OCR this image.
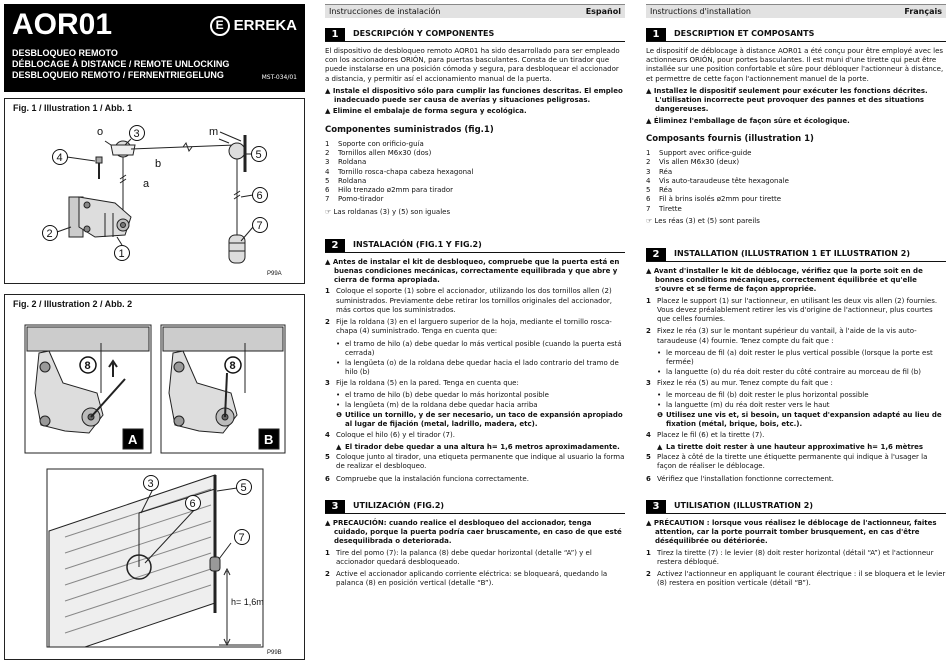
AOR01	E ERREKA
DESBLOQUEO REMOTO
DÉBLOCAGE À DISTANCE / REMOTE UNLOCKING
DESBLOQUEIO REMOTO / FERNENTRIEGELUNG	MST-034/01
Fig. 1 / Illustration 1 / Abb. 1
o	3	m
5
4	b
a
6
2
1
7
P99A
Fig. 2 / Illustration 2 / Abb. 2
8	8
A	B
3	5
6
7
h= 1,6m
P99B
Instrucciones de instalación	Español
1	DESCRIPCIÓN Y COMPONENTES

El dispositivo de desbloqueo remoto AOR01 ha sido desarrollado para ser empleado con los accionadores ORIÓN, para puertas basculantes. Consta de un tirador que puede instalarse en una posición cómoda y segura, para desbloquear el accionador a distancia, y permitir así el accionamiento manual de la puerta.

▲ Instale el dispositivo sólo para cumplir las funciones descritas. El empleo inadecuado puede ser causa de averías y situaciones peligrosas.
▲ Elimine el embalaje de forma segura y ecológica.
Componentes suministrados (fig.1)
1	Soporte con orificio-guía
2	Tornillos allen M6x30 (dos)
3	Roldana
4	Tornillo rosca-chapa cabeza hexagonal
5	Roldana
6	Hilo trenzado ø2mm para tirador
7	Pomo-tirador

☞ Las roldanas (3) y (5) son iguales

2	INSTALACIÓN (FIG.1 Y FIG.2)
▲ Antes de instalar el kit de desbloqueo, compruebe que la puerta está en buenas condiciones mecánicas, correctamente equilibrada y que abre y cierra de forma apropiada.
1 Coloque el soporte (1) sobre el accionador, utilizando los dos tornillos allen (2) suministrados. Previamente debe retirar los tornillos originales del accionador, más cortos que los suministrados.
2 Fije la roldana (3) en el larguero superior de la hoja, mediante el tornillo rosca-chapa (4) suministrado. Tenga en cuenta que:
• el tramo de hilo (a) debe quedar lo más vertical posible (cuando la puerta está cerrada)
• la lengüeta (o) de la roldana debe quedar hacia el lado contrario del tramo de hilo (b)
3 Fije la roldana (5) en la pared. Tenga en cuenta que:
• el tramo de hilo (b) debe quedar lo más horizontal posible
• la lengüeta (m) de la roldana debe quedar hacia arriba
❶ Utilice un tornillo, y de ser necesario, un taco de expansión apropiado al lugar de fijación (metal, ladrillo, madera, etc).
4 Coloque el hilo (6) y el tirador (7).
▲ El tirador debe quedar a una altura h= 1,6 metros aproximadamente.
5 Coloque junto al tirador, una etiqueta permanente que indique al usuario la forma de realizar el desbloqueo.
6 Compruebe que la instalación funciona correctamente.
3	UTILIZACIÓN (FIG.2)
▲ PRECAUCIÓN: cuando realice el desbloqueo del accionador, tenga cuidado, porque la puerta podría caer bruscamente, en caso de que esté desequilibrada o deteriorada.
1 Tire del pomo (7): la palanca (8) debe quedar horizontal (detalle “A”) y el accionador quedará desbloqueado.
2 Active el accionador aplicando corriente eléctrica: se bloqueará, quedando la palanca (8) en posición vertical (detalle “B”).
Instructions d'installation	Français
1	DESCRIPTION ET COMPOSANTS

Le dispositif de déblocage à distance AOR01 a été conçu pour être employé avec les actionneurs ORIÓN, pour portes basculantes. Il est muni d'une tirette qui peut être installée sur une position confortable et sûre pour débloquer l'actionneur à distance, et permettre de cette façon l'actionnement manuel de la porte.

▲ Installez le dispositif seulement pour exécuter les fonctions décrites. L'utilisation incorrecte peut provoquer des pannes et des situations dangereuses.
▲ Éliminez l'emballage de façon sûre et écologique.
Composants fournis (illustration 1)
1	Support avec orifice-guide
2	Vis allen M6x30 (deux)
3	Réa
4	Vis auto-taraudeuse tête hexagonale
5	Réa
6	Fil à brins isolés ø2mm pour tirette
7	Tirette

☞ Les réas (3) et (5) sont pareils

2	INSTALLATION (ILLUSTRATION 1 ET ILLUSTRATION 2)
▲ Avant d'installer le kit de déblocage, vérifiez que la porte soit en de bonnes conditions mécaniques, correctement équilibrée et qu'elle s'ouvre et se ferme de façon appropriée.
1 Placez le support (1) sur l'actionneur, en utilisant les deux vis allen (2) fournies. Vous devez préalablement retirer les vis d'origine de l'actionneur, plus courtes que celles fournies.
2 Fixez le réa (3) sur le montant supérieur du vantail, à l'aide de la vis auto-taraudeuse (4) fournie. Tenez compte du fait que :
• le morceau de fil (a) doit rester le plus vertical possible (lorsque la porte est fermée)
• la languette (o) du réa doit rester du côté contraire au morceau de fil (b)
3 Fixez le réa (5) au mur. Tenez compte du fait que :
• le morceau de fil (b) doit rester le plus horizontal possible
• la languette (m) du réa doit rester vers le haut
❶ Utilisez une vis et, si besoin, un taquet d'expansion adapté au lieu de fixation (métal, brique, bois, etc.).
4 Placez le fil (6) et la tirette (7).
▲ La tirette doit rester à une hauteur approximative h= 1,6 mètres
5 Placez à côté de la tirette une étiquette permanente qui indique à l'usager la façon de réaliser le déblocage.
6 Vérifiez que l'installation fonctionne correctement.
3	UTILISATION (ILLUSTRATION 2)
▲ PRÉCAUTION : lorsque vous réalisez le déblocage de l'actionneur, faites attention, car la porte pourrait tomber brusquement, en cas d'être déséquilibrée ou détériorée.
1 Tirez la tirette (7) : le levier (8) doit rester horizontal (détail “A”) et l'actionneur restera débloqué.
2 Activez l'actionneur en appliquant le courant électrique : il se bloquera et le levier (8) restera en position verticale (détail “B”).
